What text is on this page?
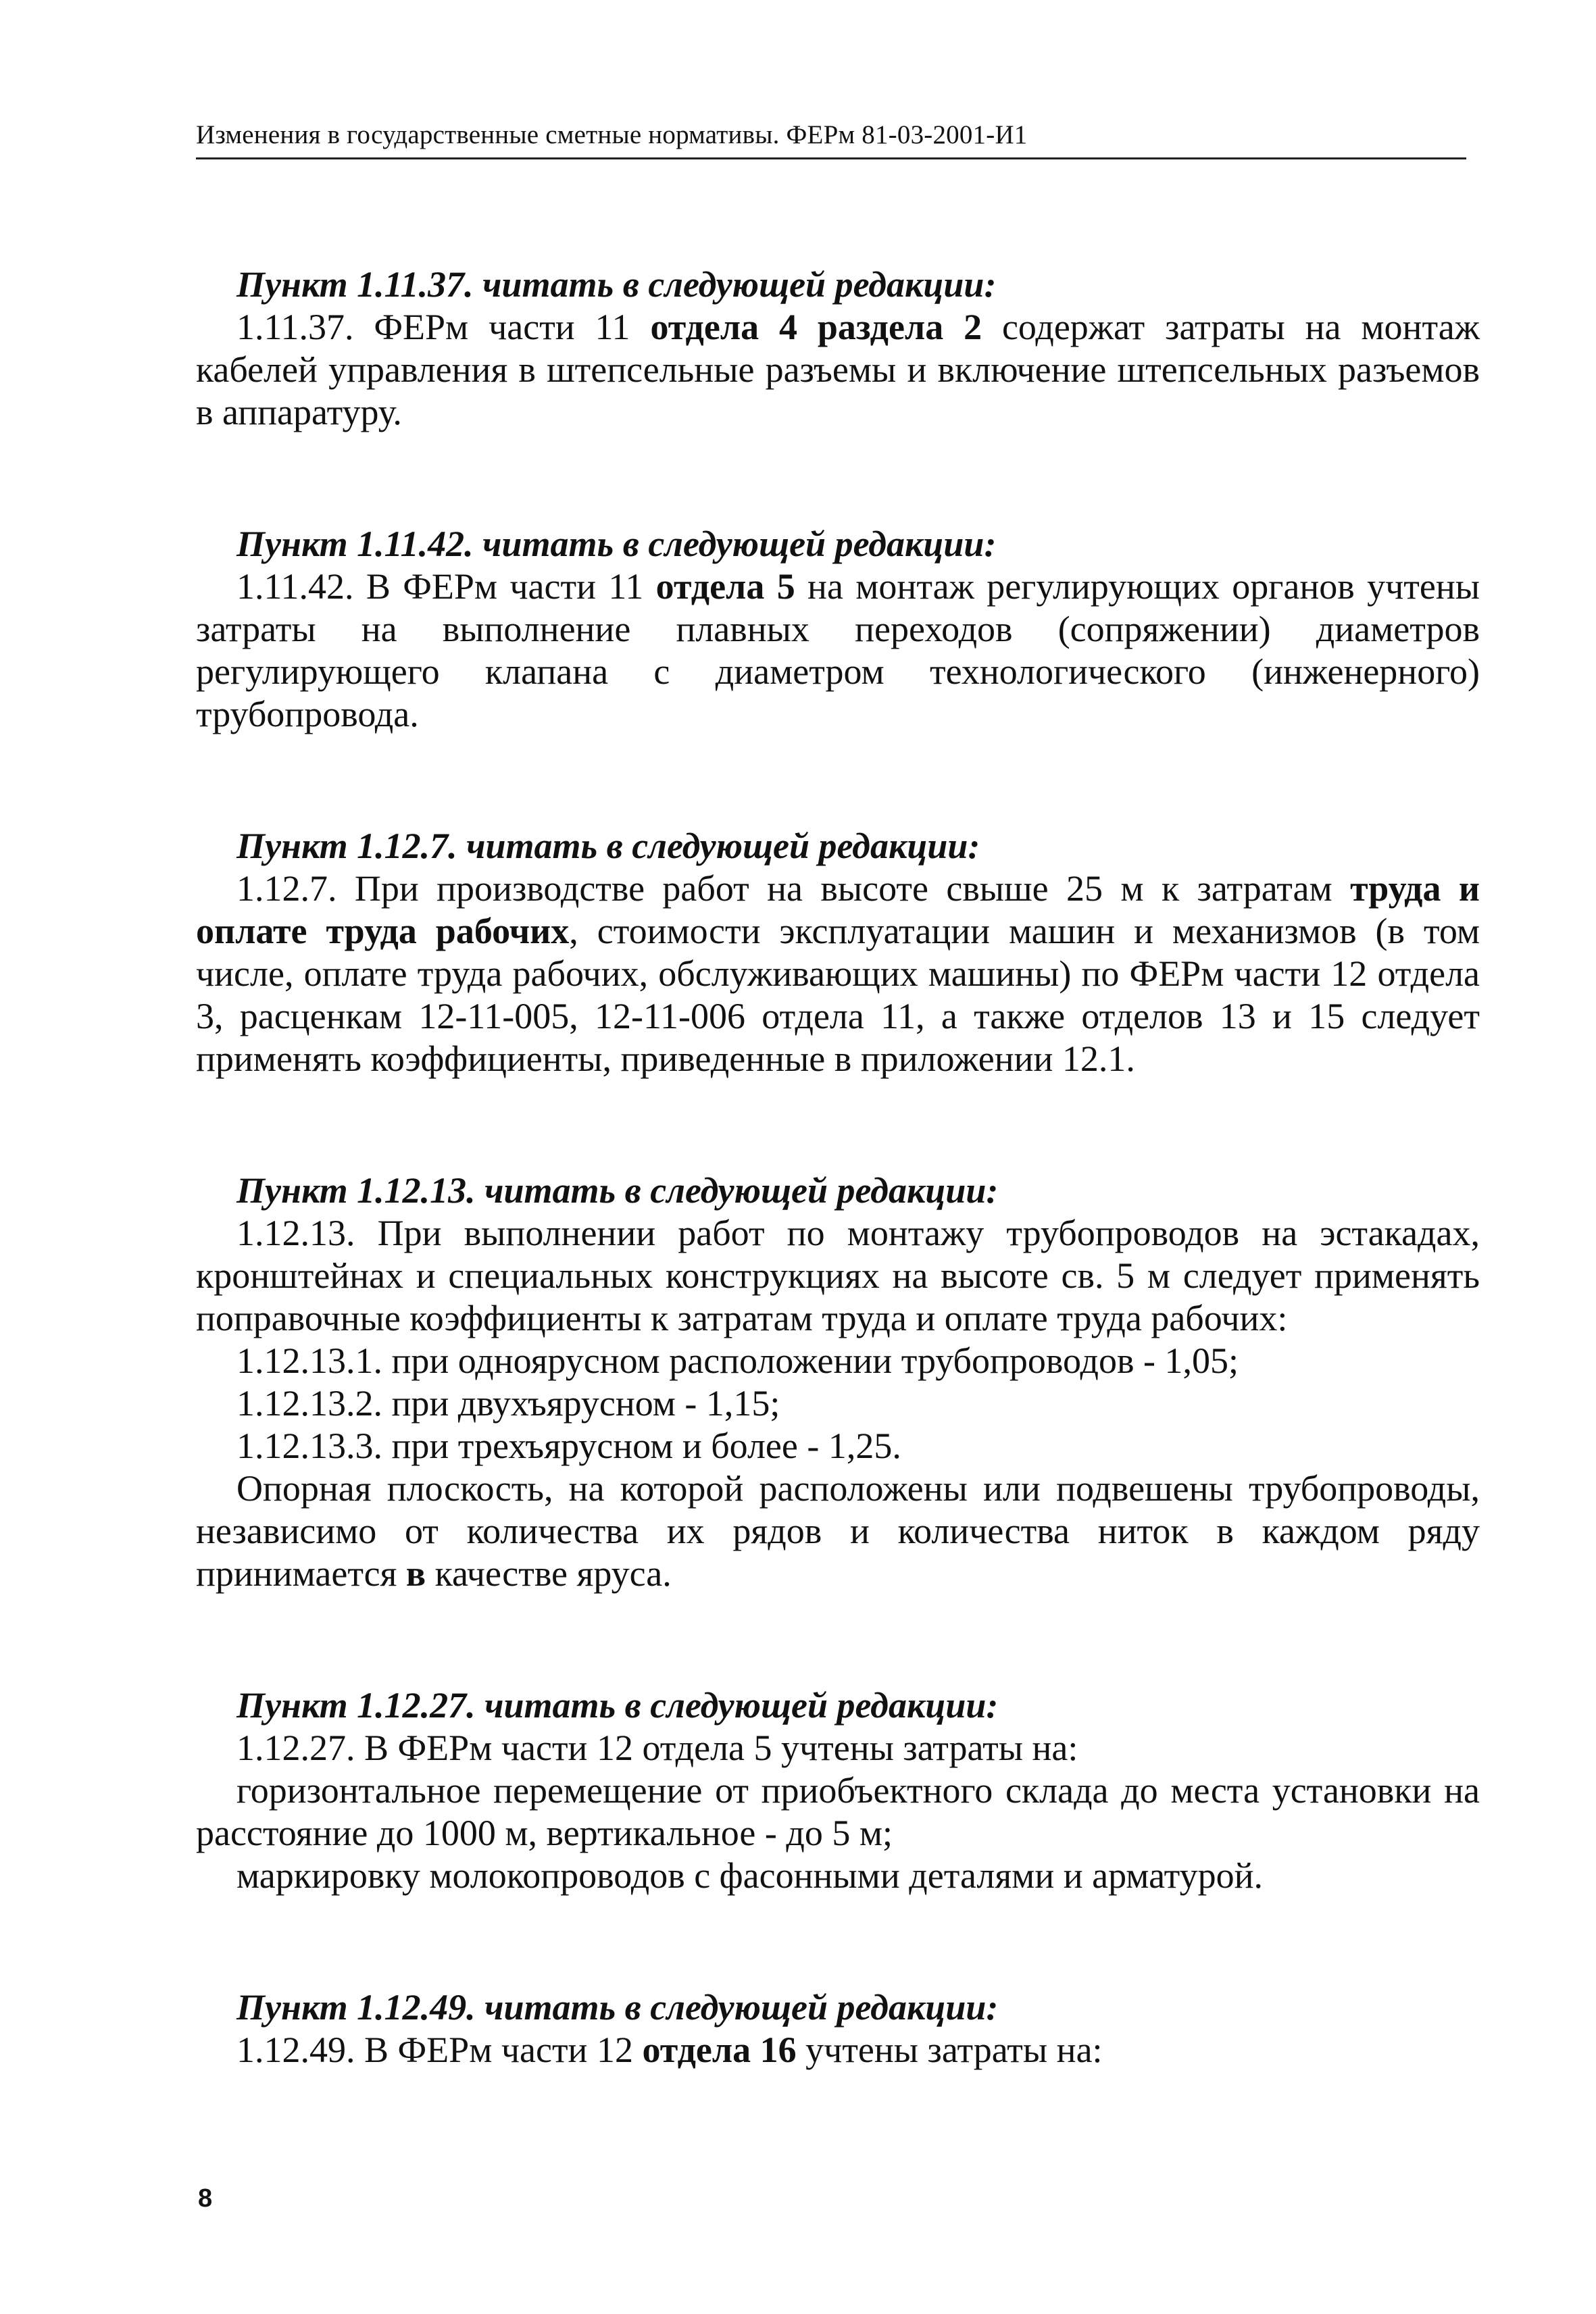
Изменения в государственные сметные нормативы. ФЕРм 81-03-2001-И1

Пункт 1.11.37. читать в следующей редакции:

1.11.37. ФЕРм части 11 отдела 4 раздела 2 содержат затраты на монтаж кабелей управления в штепсельные разъемы и включение штепсельных разъемов в аппаратуру.

Пункт 1.11.42. читать в следующей редакции:

1.11.42. В ФЕРм части 11 отдела 5 на монтаж регулирующих органов учтены затраты на выполнение плавных переходов (сопряжении) диаметров регулирующего клапана с диаметром технологического (инженерного) трубопровода.

Пункт 1.12.7. читать в следующей редакции:

1.12.7. При производстве работ на высоте свыше 25 м к затратам труда и оплате труда рабочих, стоимости эксплуатации машин и механизмов (в том числе, оплате труда рабочих, обслуживающих машины) по ФЕРм части 12 отдела 3, расценкам 12-11-005, 12-11-006 отдела 11, а также отделов 13 и 15 следует применять коэффициенты, приведенные в приложении 12.1.

Пункт 1.12.13. читать в следующей редакции:

1.12.13. При выполнении работ по монтажу трубопроводов на эстакадах, кронштейнах и специальных конструкциях на высоте св. 5 м следует применять поправочные коэффициенты к затратам труда и оплате труда рабочих:

1.12.13.1. при одноярусном расположении трубопроводов - 1,05;

1.12.13.2. при двухъярусном - 1,15;

1.12.13.3. при трехъярусном и более - 1,25.

Опорная плоскость, на которой расположены или подвешены трубопроводы, независимо от количества их рядов и количества ниток в каждом ряду принимается в качестве яруса.

Пункт 1.12.27. читать в следующей редакции:

1.12.27. В ФЕРм части 12 отдела 5 учтены затраты на:

горизонтальное перемещение от приобъектного склада до места установки на расстояние до 1000 м, вертикальное - до 5 м;

маркировку молокопроводов с фасонными деталями и арматурой.

Пункт 1.12.49. читать в следующей редакции:

1.12.49. В ФЕРм части 12 отдела 16 учтены затраты на:

8
